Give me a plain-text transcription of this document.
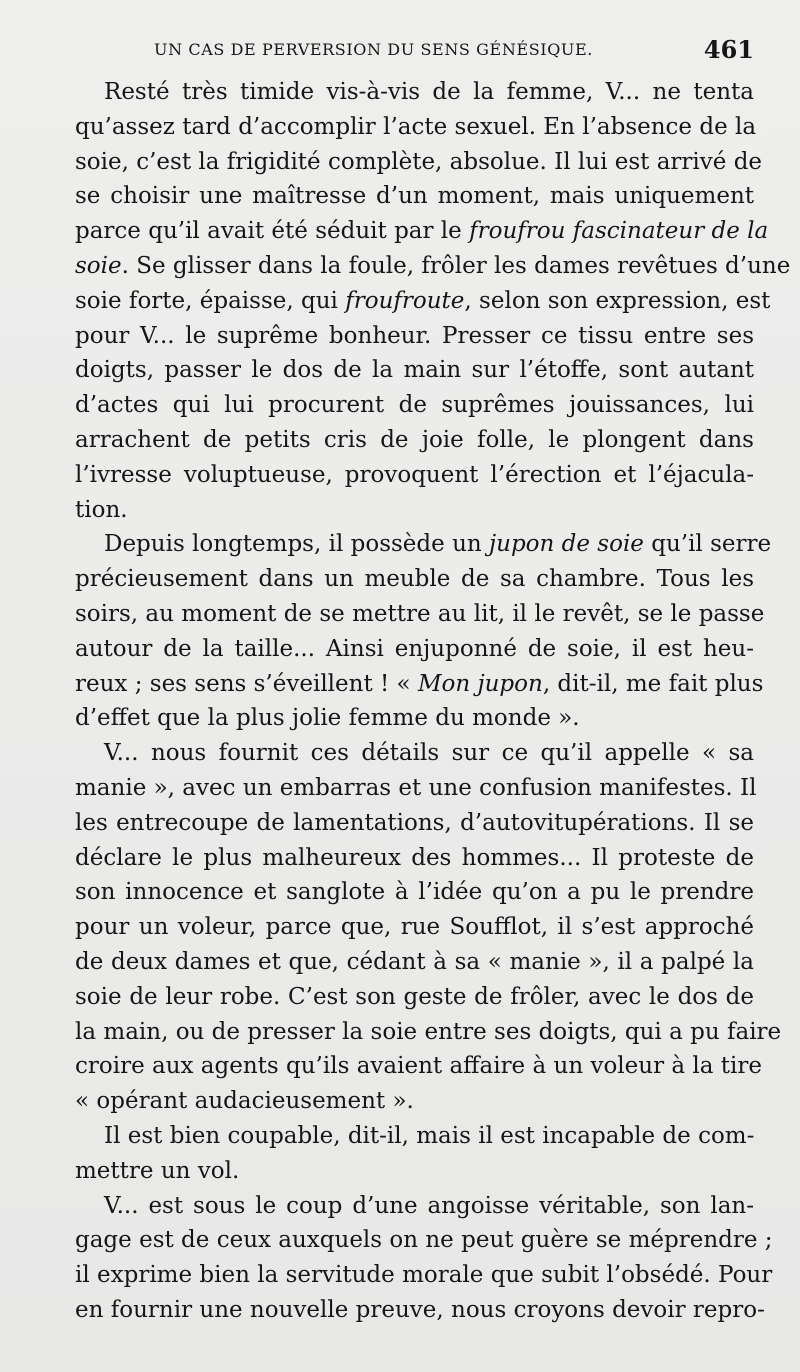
UN CAS DE PERVERSION DU SENS GÉNÉSIQUE.	461
Resté très timide vis-à-vis de la femme, V... ne tenta
qu’assez tard d’accomplir l’acte sexuel. En l’absence de la
soie, c’est la frigidité complète, absolue. Il lui est arrivé de
se choisir une maîtresse d’un moment, mais uniquement
parce qu’il avait été séduit par le froufrou fascinateur de la
soie. Se glisser dans la foule, frôler les dames revêtues d’une
soie forte, épaisse, qui froufroute, selon son expression, est
pour V... le suprême bonheur. Presser ce tissu entre ses
doigts, passer le dos de la main sur l’étoffe, sont autant
d’actes qui lui procurent de suprêmes jouissances, lui
arrachent de petits cris de joie folle, le plongent dans
l’ivresse voluptueuse, provoquent l’érection et l’éjacula-
tion.
Depuis longtemps, il possède un jupon de soie qu’il serre
précieusement dans un meuble de sa chambre. Tous les
soirs, au moment de se mettre au lit, il le revêt, se le passe
autour de la taille... Ainsi enjuponné de soie, il est heu-
reux ; ses sens s’éveillent ! « Mon jupon, dit-il, me fait plus
d’effet que la plus jolie femme du monde ».
V... nous fournit ces détails sur ce qu’il appelle « sa
manie », avec un embarras et une confusion manifestes. Il
les entrecoupe de lamentations, d’autovitupérations. Il se
déclare le plus malheureux des hommes... Il proteste de
son innocence et sanglote à l’idée qu’on a pu le prendre
pour un voleur, parce que, rue Soufflot, il s’est approché
de deux dames et que, cédant à sa « manie », il a palpé la
soie de leur robe. C’est son geste de frôler, avec le dos de
la main, ou de presser la soie entre ses doigts, qui a pu faire
croire aux agents qu’ils avaient affaire à un voleur à la tire
« opérant audacieusement ».
Il est bien coupable, dit-il, mais il est incapable de com-
mettre un vol.
V... est sous le coup d’une angoisse véritable, son lan-
gage est de ceux auxquels on ne peut guère se méprendre ;
il exprime bien la servitude morale que subit l’obsédé. Pour
en fournir une nouvelle preuve, nous croyons devoir repro-
